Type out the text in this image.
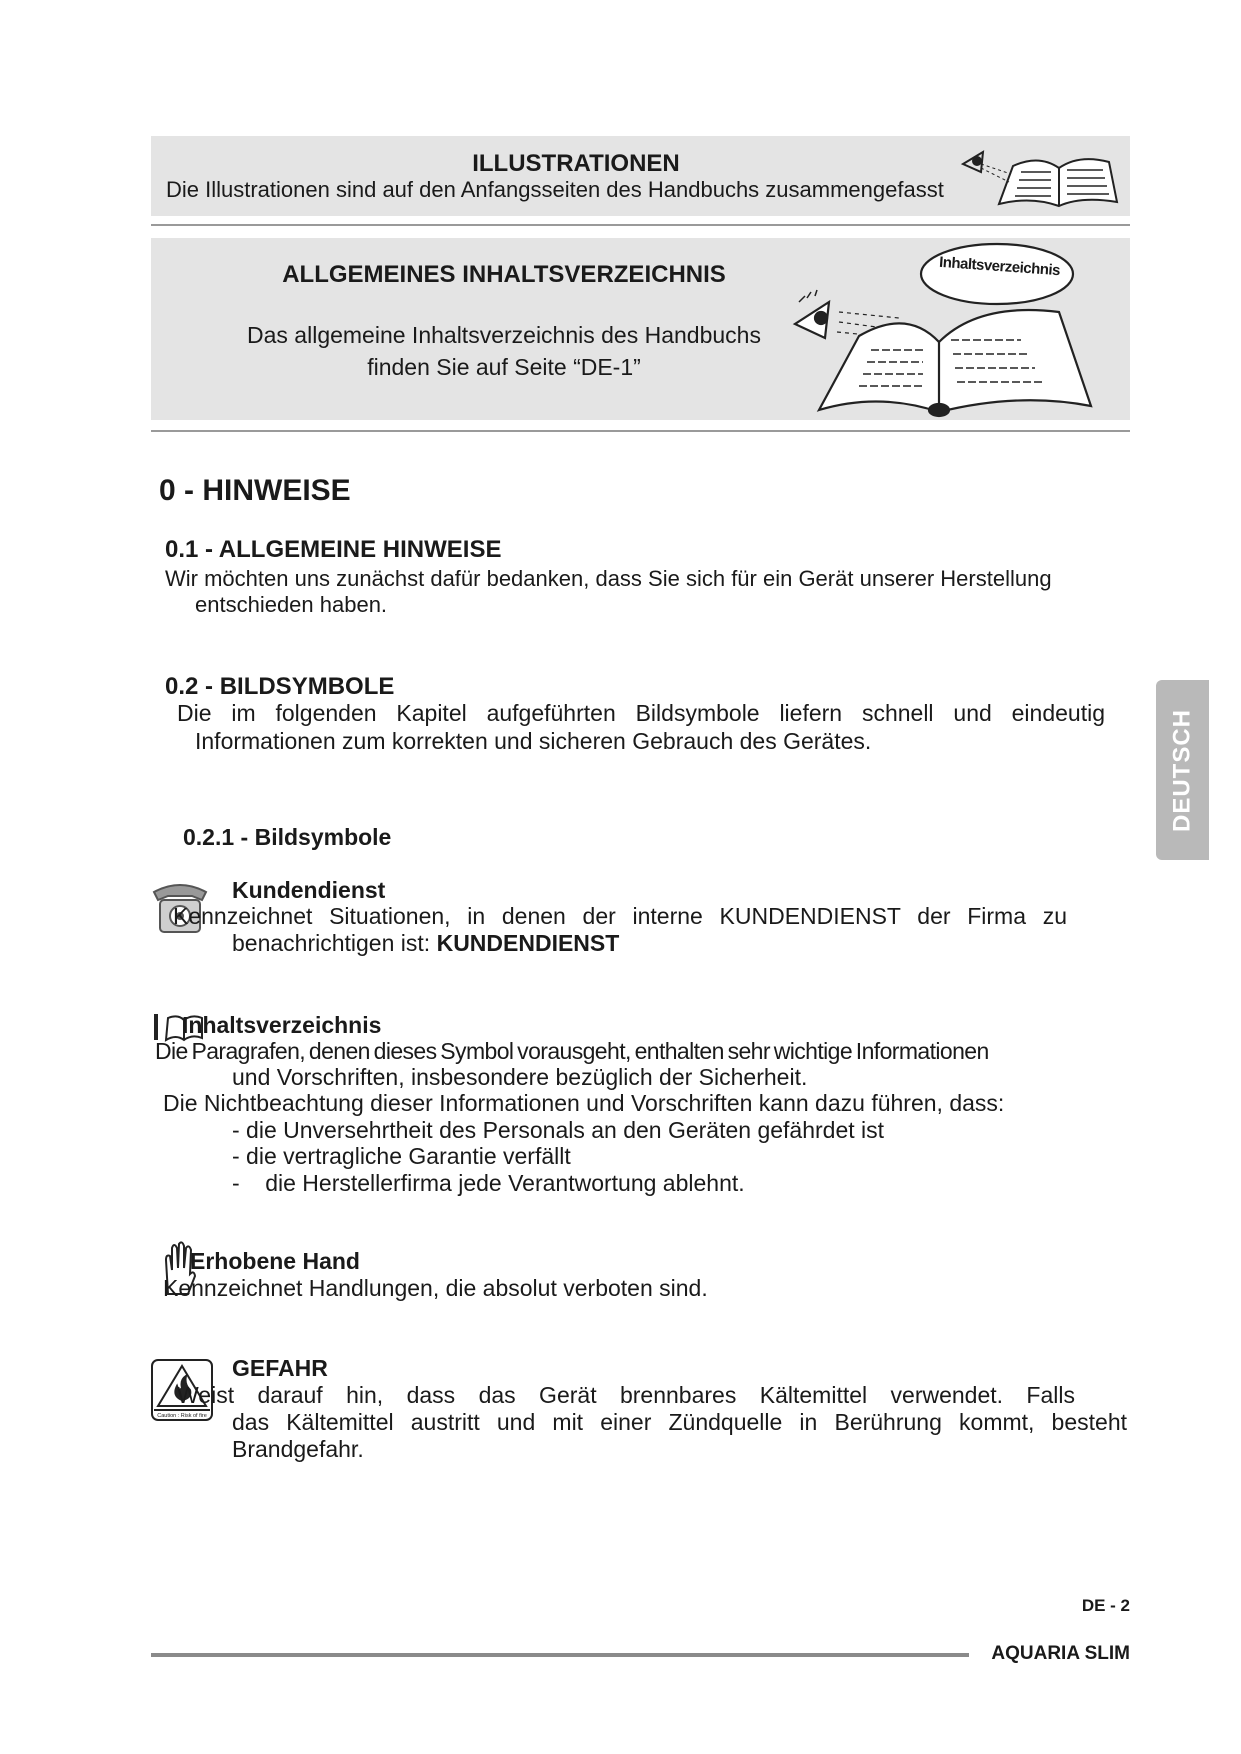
ILLUSTRATIONEN
Die Illustrationen sind auf den Anfangsseiten des Handbuchs zusammengefasst
ALLGEMEINES INHALTSVERZEICHNIS
Das allgemeine Inhaltsverzeichnis des Handbuchs
finden Sie auf Seite “DE-1”
Inhaltsverzeichnis
0 - HINWEISE
0.1 - ALLGEMEINE HINWEISE
Wir möchten uns zunächst dafür bedanken, dass Sie sich für ein Gerät unserer Herstellung
entschieden haben.
0.2 - BILDSYMBOLE
Die im folgenden Kapitel aufgeführten Bildsymbole liefern schnell und eindeutig
Informationen zum korrekten und sicheren Gebrauch des Gerätes.
0.2.1 - Bildsymbole
Kundendienst
Kennzeichnet Situationen, in denen der interne KUNDENDIENST der Firma zu
benachrichtigen ist: KUNDENDIENST
Inhaltsverzeichnis
Die Paragrafen, denen dieses Symbol vorausgeht, enthalten sehr wichtige Informationen
und Vorschriften, insbesondere bezüglich der Sicherheit.
Die Nichtbeachtung dieser Informationen und Vorschriften kann dazu führen, dass:
- die Unversehrtheit des Personals an den Geräten gefährdet ist
- die vertragliche Garantie verfällt
-    die Herstellerfirma jede Verantwortung ablehnt.
Erhobene Hand
Kennzeichnet Handlungen, die absolut verboten sind.
Caution : Risk of fire
GEFAHR
Weist darauf hin, dass das Gerät brennbares Kältemittel verwendet. Falls
das Kältemittel austritt und mit einer Zündquelle in Berührung kommt, besteht
Brandgefahr.
DEUTSCH
DE - 2
AQUARIA SLIM
